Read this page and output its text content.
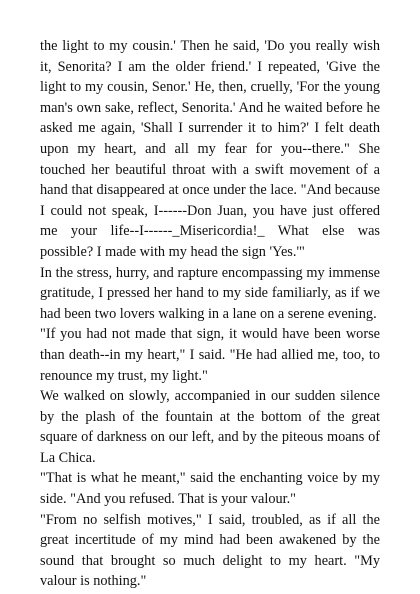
the light to my cousin.' Then he said, 'Do you really wish it, Senorita? I am the older friend.' I repeated, 'Give the light to my cousin, Senor.' He, then, cruelly, 'For the young man's own sake, reflect, Senorita.' And he waited before he asked me again, 'Shall I surrender it to him?' I felt death upon my heart, and all my fear for you--there." She touched her beautiful throat with a swift movement of a hand that disappeared at once under the lace. "And because I could not speak, I------Don Juan, you have just offered me your life--I------_Misericordia!_ What else was possible? I made with my head the sign 'Yes.'"

In the stress, hurry, and rapture encompassing my immense gratitude, I pressed her hand to my side familiarly, as if we had been two lovers walking in a lane on a serene evening.

"If you had not made that sign, it would have been worse than death--in my heart," I said. "He had allied me, too, to renounce my trust, my light."

We walked on slowly, accompanied in our sudden silence by the plash of the fountain at the bottom of the great square of darkness on our left, and by the piteous moans of La Chica.

"That is what he meant," said the enchanting voice by my side. "And you refused. That is your valour."

"From no selfish motives," I said, troubled, as if all the great incertitude of my mind had been awakened by the sound that brought so much delight to my heart. "My valour is nothing."
